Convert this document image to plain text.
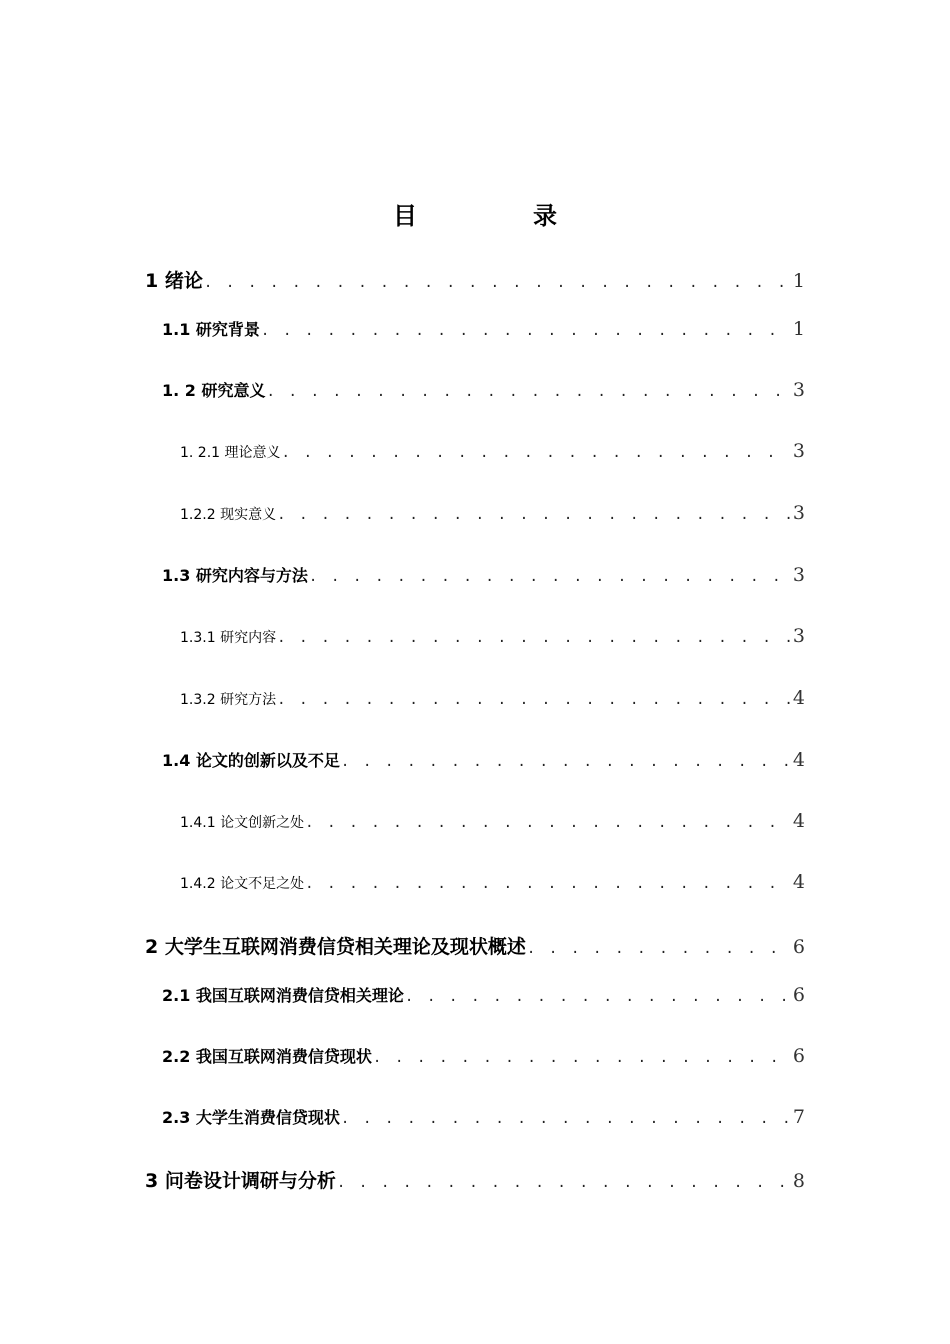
目　录
1 绪论 . . .	1
1.1 研究背景 . . .	1
1. 2 研究意义 . . .	3
1. 2.1 理论意义 . . .	3
1.2.2 现实意义 . . .	3
1.3 研究内容与方法 . . .	3
1.3.1 研究内容 . . .	3
1.3.2 研究方法 . . .	4
1.4 论文的创新以及不足 . . .	4
1.4.1 论文创新之处 . . .	4
1.4.2 论文不足之处 . . .	4
2 大学生互联网消费信贷相关理论及现状概述 . . .	6
2.1 我国互联网消费信贷相关理论 . . .	6
2.2 我国互联网消费信贷现状 . . .	6
2.3 大学生消费信贷现状 . . .	7
3 问卷设计调研与分析 . . .	8
